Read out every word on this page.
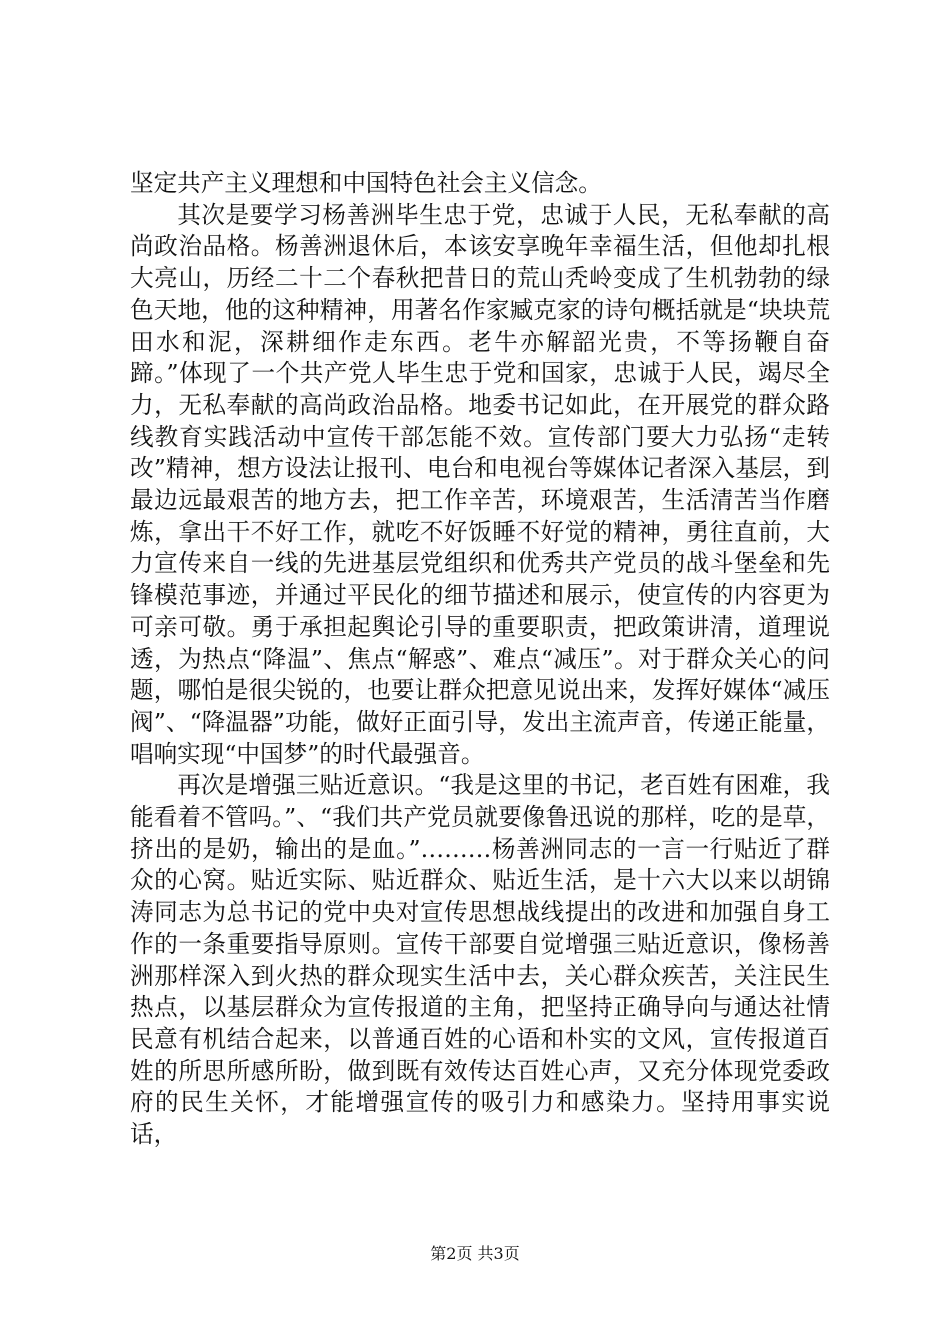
坚定共产主义理想和中国特色社会主义信念。

其次是要学习杨善洲毕生忠于党，忠诚于人民，无私奉献的高尚政治品格。杨善洲退休后，本该安享晚年幸福生活，但他却扎根大亮山，历经二十二个春秋把昔日的荒山秃岭变成了生机勃勃的绿色天地，他的这种精神，用著名作家臧克家的诗句概括就是“块块荒田水和泥，深耕细作走东西。老牛亦解韶光贵，不等扬鞭自奋蹄。”体现了一个共产党人毕生忠于党和国家，忠诚于人民，竭尽全力，无私奉献的高尚政治品格。地委书记如此，在开展党的群众路线教育实践活动中宣传干部怎能不效。宣传部门要大力弘扬“走转改”精神，想方设法让报刊、电台和电视台等媒体记者深入基层，到最边远最艰苦的地方去，把工作辛苦，环境艰苦，生活清苦当作磨炼，拿出干不好工作，就吃不好饭睡不好觉的精神，勇往直前，大力宣传来自一线的先进基层党组织和优秀共产党员的战斗堡垒和先锋模范事迹，并通过平民化的细节描述和展示，使宣传的内容更为可亲可敬。勇于承担起舆论引导的重要职责，把政策讲清，道理说透，为热点“降温”、焦点“解惑”、难点“减压”。对于群众关心的问题，哪怕是很尖锐的，也要让群众把意见说出来，发挥好媒体“减压阀”、“降温器”功能，做好正面引导，发出主流声音，传递正能量，唱响实现“中国梦”的时代最强音。

再次是增强三贴近意识。“我是这里的书记，老百姓有困难，我能看着不管吗。”、“我们共产党员就要像鲁迅说的那样，吃的是草，挤出的是奶，输出的是血。”………杨善洲同志的一言一行贴近了群众的心窝。贴近实际、贴近群众、贴近生活，是十六大以来以胡锦涛同志为总书记的党中央对宣传思想战线提出的改进和加强自身工作的一条重要指导原则。宣传干部要自觉增强三贴近意识，像杨善洲那样深入到火热的群众现实生活中去，关心群众疾苦，关注民生热点，以基层群众为宣传报道的主角，把坚持正确导向与通达社情民意有机结合起来，以普通百姓的心语和朴实的文风，宣传报道百姓的所思所感所盼，做到既有效传达百姓心声，又充分体现党委政府的民生关怀，才能增强宣传的吸引力和感染力。坚持用事实说话，

第2页 共3页
